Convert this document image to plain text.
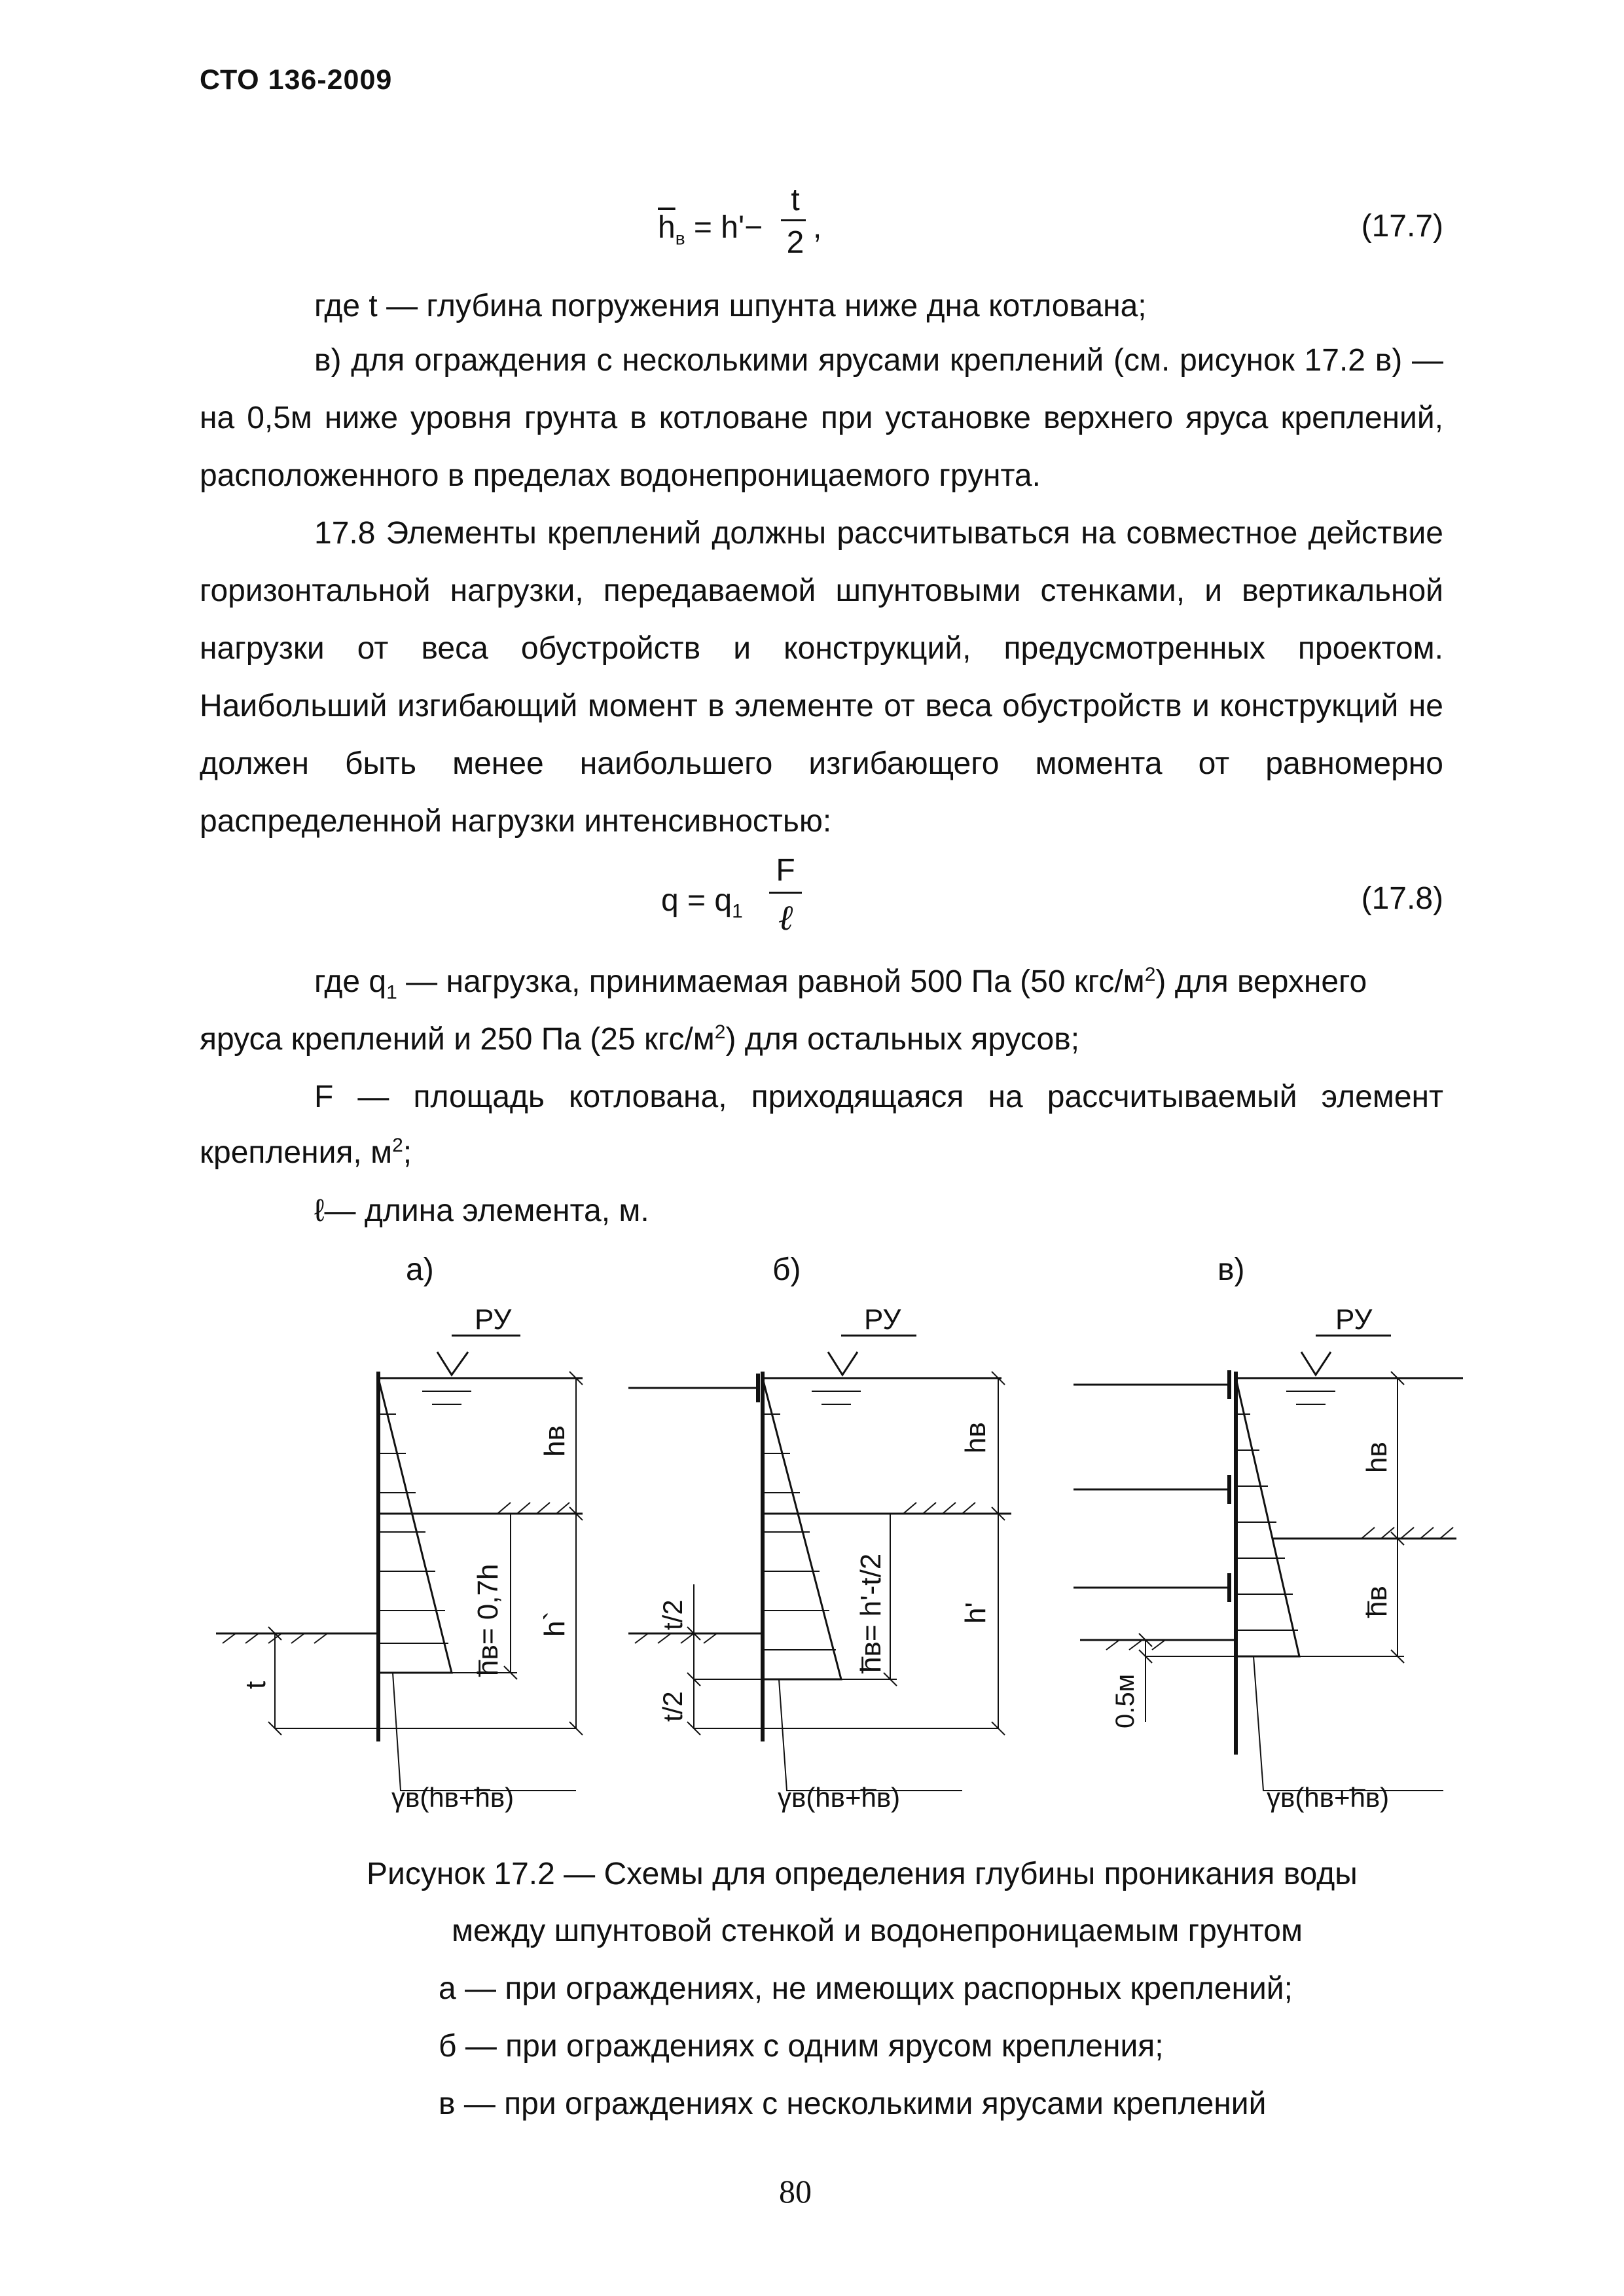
СТО 136-2009
$\overline{h}_в = h'-$
t
2 ,	(17.7)
где t — глубина погружения шпунта ниже дна котлована;

в) для ограждения с несколькими ярусами креплений (см. рисунок 17.2 в) — на 0,5м ниже уровня грунта в котловане при установке верхнего яруса креплений, расположенного в пределах водонепроницаемого грунта.

17.8 Элементы креплений должны рассчитываться на совместное действие горизонтальной нагрузки, передаваемой шпунтовыми стенками, и вертикальной нагрузки от веса обустройств и конструкций, предусмотренных проектом. Наибольший изгибающий момент в элементе от веса обустройств и конструкций не должен быть менее наибольшего изгибающего момента от равномерно распределенной нагрузки интенсивностью:

$q = q_1$
F
ℓ	(17.8)
где $q_1$ — нагрузка, принимаемая равной 500 Па (50 кгс/$м^2$) для верхнего
яруса креплений и 250 Па (25 кгс/$м^2$) для остальных ярусов;
F — площадь котлована, приходящаяся на рассчитываемый элемент
крепления, $м^2$;
ℓ— длина элемента, м.
а)	б)	в)
РУ	РУ	РУ
hв
h̅в= 0,7h h`
t
γв(hв+h̅в)
hв
h̅в= h'-t/2	h'
t/2
t/2
γв(hв+h̅в)
hв
h̅в
0.5м
γв(hв+h̅в)
Рисунок 17.2 — Схемы для определения глубины проникания воды
между шпунтовой стенкой и водонепроницаемым грунтом
а — при ограждениях, не имеющих распорных креплений;
б — при ограждениях с одним ярусом крепления;
в — при ограждениях с несколькими ярусами креплений
80
